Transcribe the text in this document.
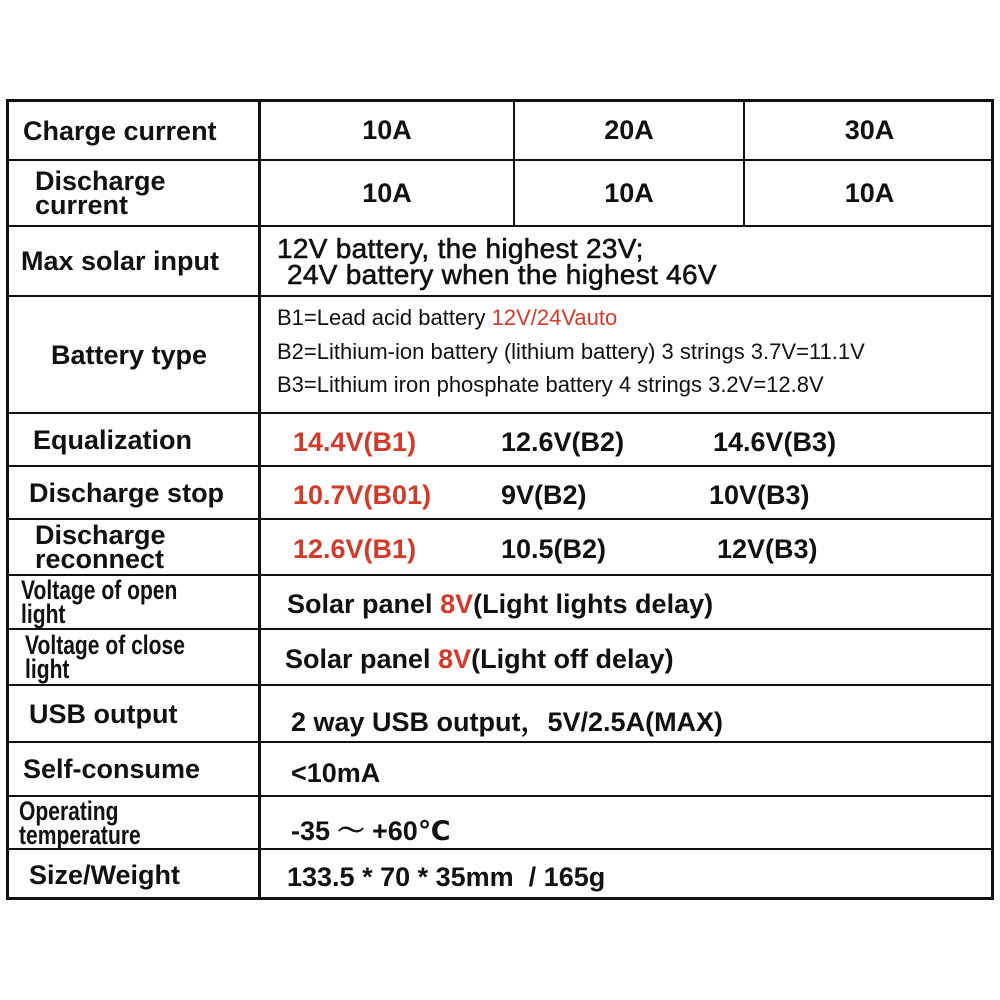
Charge current	10A	20A	30A
Discharge
current	10A	10A	10A
Max solar input 12V battery, the highest 23V;
24V battery when the highest 46V
Battery type
B1=Lead acid battery 12V/24Vauto
B2=Lithium-ion battery (lithium battery) 3 strings 3.7V=11.1V
B3=Lithium iron phosphate battery 4 strings 3.2V=12.8V
Equalization	14.4V(B1)	12.6V(B2)	14.6V(B3)
Discharge stop	10.7V(B01)	9V(B2)	10V(B3)
Discharge
reconnect	12.6V(B1)	10.5(B2)	12V(B3)
Voltage of open light	Solar panel 8V(Light lights delay)
Voltage of close light	Solar panel 8V(Light off delay)
USB output	2 way USB output，5V/2.5A(MAX)
Self-consume	<10mA
Operating temperature	-35 ～ +60℃
Size/Weight	133.5 * 70 * 35mm  / 165g
